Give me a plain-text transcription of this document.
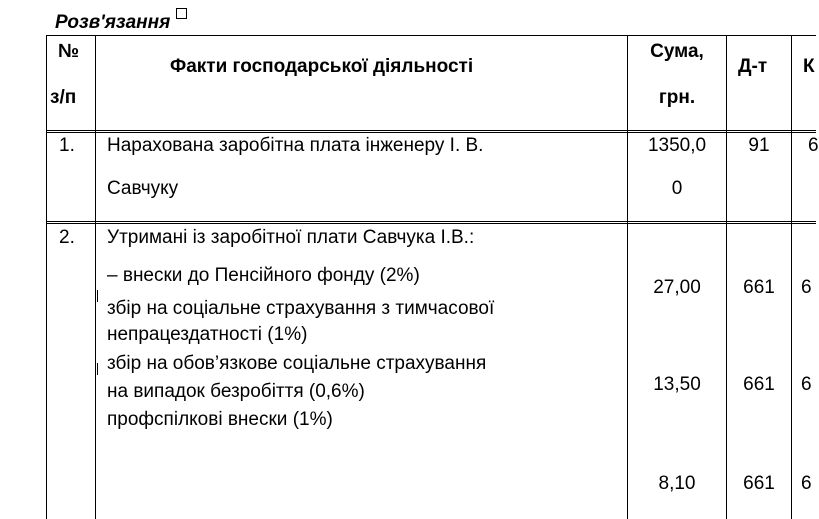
Розв'язання
№
з/п
Факти господарської діяльності
Сума,
грн.
Д-т К
1. Нарахована заробітна плата інженеру І. В.
Савчуку
1350,0
0
91	6
2. Утримані із заробітної плати Савчука І.В.:
– внески до Пенсійного фонду (2%)
збір на соціальне страхування з тимчасової
непрацездатності (1%)
збір на обов’язкове соціальне страхування
на випадок безробіття (0,6%)
профспілкові внески (1%)
27,00
13,50
8,10
661
661
661
6
6
6
